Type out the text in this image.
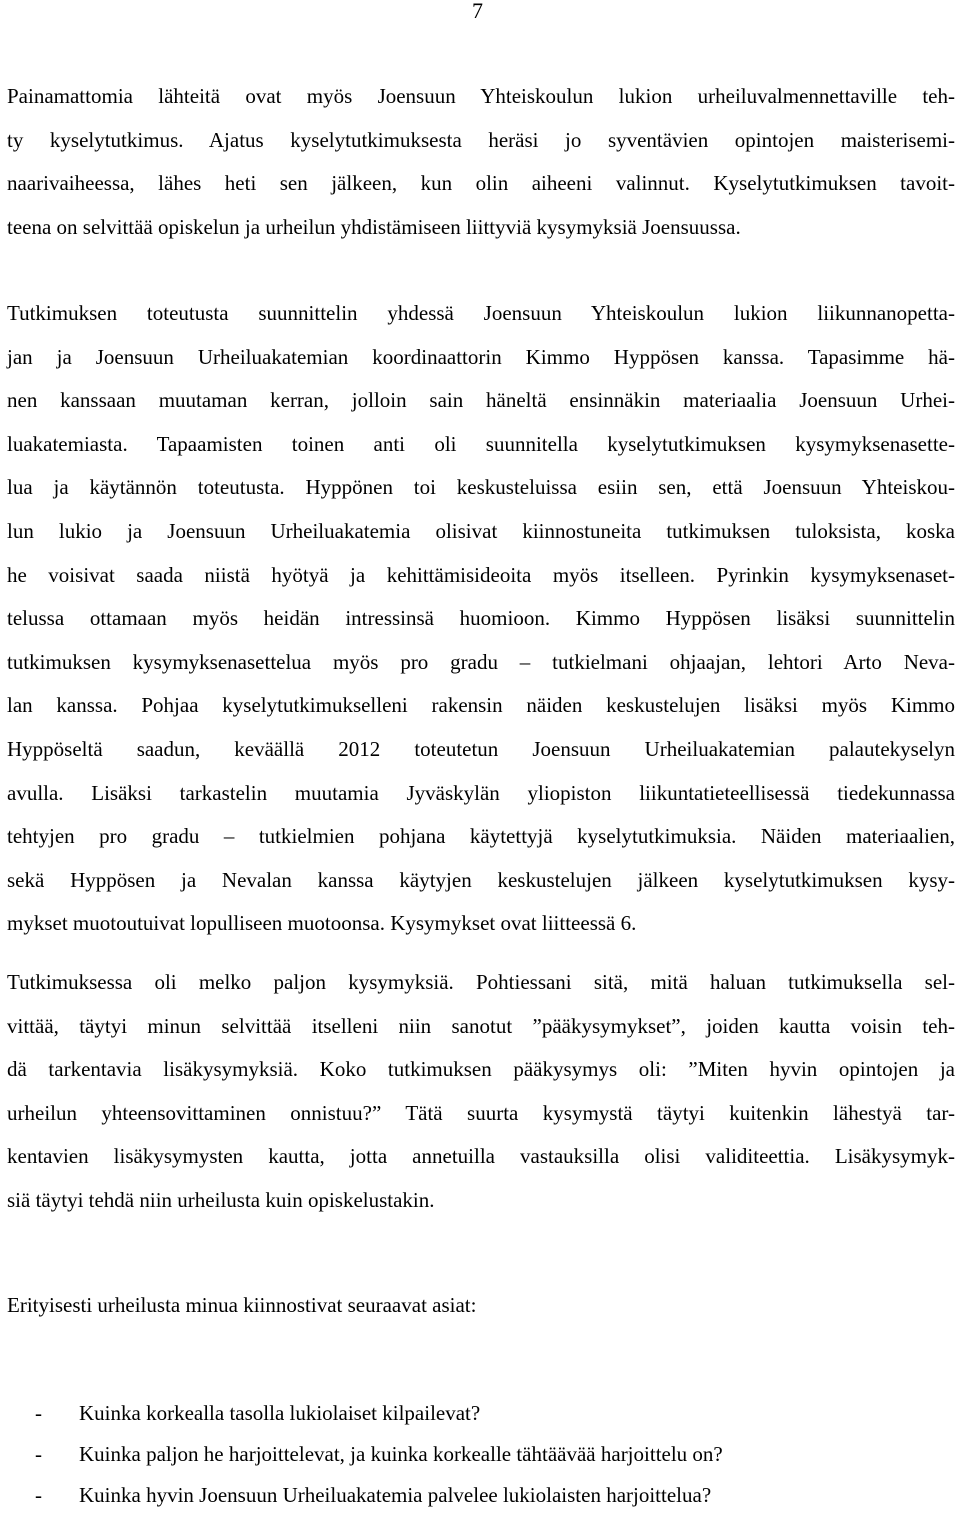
7
Painamattomia lähteitä ovat myös Joensuun Yhteiskoulun lukion urheiluvalmennettaville teh-
ty kyselytutkimus. Ajatus kyselytutkimuksesta heräsi jo syventävien opintojen maisterisemi-
naarivaiheessa, lähes heti sen jälkeen, kun olin aiheeni valinnut. Kyselytutkimuksen tavoit-
teena on selvittää opiskelun ja urheilun yhdistämiseen liittyviä kysymyksiä Joensuussa.
Tutkimuksen toteutusta suunnittelin yhdessä Joensuun Yhteiskoulun lukion liikunnanopetta-
jan ja Joensuun Urheiluakatemian koordinaattorin Kimmo Hyppösen kanssa. Tapasimme hä-
nen kanssaan muutaman kerran, jolloin sain häneltä ensinnäkin materiaalia Joensuun Urhei-
luakatemiasta. Tapaamisten toinen anti oli suunnitella kyselytutkimuksen kysymyksenasette-
lua ja käytännön toteutusta. Hyppönen toi keskusteluissa esiin sen, että Joensuun Yhteiskou-
lun lukio ja Joensuun Urheiluakatemia olisivat kiinnostuneita tutkimuksen tuloksista, koska
he voisivat saada niistä hyötyä ja kehittämisideoita myös itselleen. Pyrinkin kysymyksenaset-
telussa ottamaan myös heidän intressinsä huomioon. Kimmo Hyppösen lisäksi suunnittelin
tutkimuksen kysymyksenasettelua myös pro gradu – tutkielmani ohjaajan, lehtori Arto Neva-
lan kanssa. Pohjaa kyselytutkimukselleni rakensin näiden keskustelujen lisäksi myös Kimmo
Hyppöseltä saadun, keväällä 2012 toteutetun Joensuun Urheiluakatemian palautekyselyn
avulla. Lisäksi tarkastelin muutamia Jyväskylän yliopiston liikuntatieteellisessä tiedekunnassa
tehtyjen pro gradu – tutkielmien pohjana käytettyjä kyselytutkimuksia. Näiden materiaalien,
sekä Hyppösen ja Nevalan kanssa käytyjen keskustelujen jälkeen kyselytutkimuksen kysy-
mykset muotoutuivat lopulliseen muotoonsa. Kysymykset ovat liitteessä 6.
Tutkimuksessa oli melko paljon kysymyksiä. Pohtiessani sitä, mitä haluan tutkimuksella sel-
vittää, täytyi minun selvittää itselleni niin sanotut ”pääkysymykset”, joiden kautta voisin teh-
dä tarkentavia lisäkysymyksiä. Koko tutkimuksen pääkysymys oli: ”Miten hyvin opintojen ja
urheilun yhteensovittaminen onnistuu?” Tätä suurta kysymystä täytyi kuitenkin lähestyä tar-
kentavien lisäkysymysten kautta, jotta annetuilla vastauksilla olisi validiteettia. Lisäkysymyk-
siä täytyi tehdä niin urheilusta kuin opiskelustakin.
Erityisesti urheilusta minua kiinnostivat seuraavat asiat:
- Kuinka korkealla tasolla lukiolaiset kilpailevat?
- Kuinka paljon he harjoittelevat, ja kuinka korkealle tähtäävää harjoittelu on?
- Kuinka hyvin Joensuun Urheiluakatemia palvelee lukiolaisten harjoittelua?
